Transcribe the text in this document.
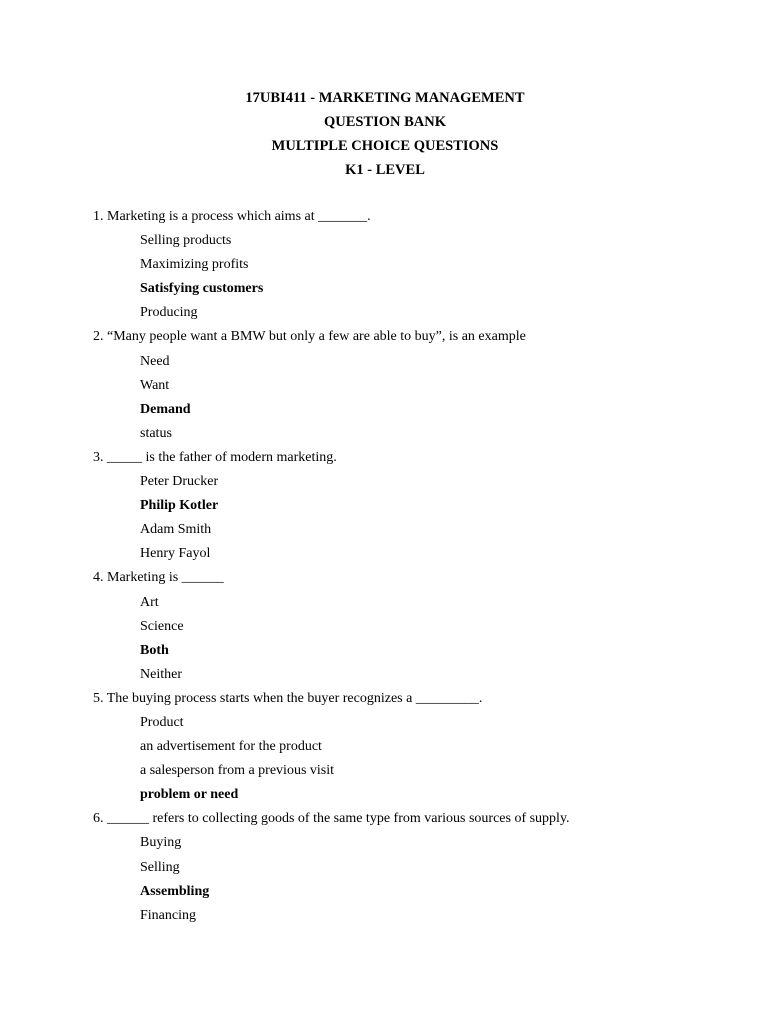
17UBI411 - MARKETING MANAGEMENT
QUESTION BANK
MULTIPLE CHOICE QUESTIONS
K1 - LEVEL
1. Marketing is a process which aims at _______.
Selling products
Maximizing profits
Satisfying customers
Producing
2. “Many people want a BMW but only a few are able to buy”, is an example
Need
Want
Demand
status
3. _____ is the father of modern marketing.
Peter Drucker
Philip Kotler
Adam Smith
Henry Fayol
4. Marketing is ______
Art
Science
Both
Neither
5. The buying process starts when the buyer recognizes a _________.
Product
an advertisement for the product
a salesperson from a previous visit
problem or need
6. ______ refers to collecting goods of the same type from various sources of supply.
Buying
Selling
Assembling
Financing
